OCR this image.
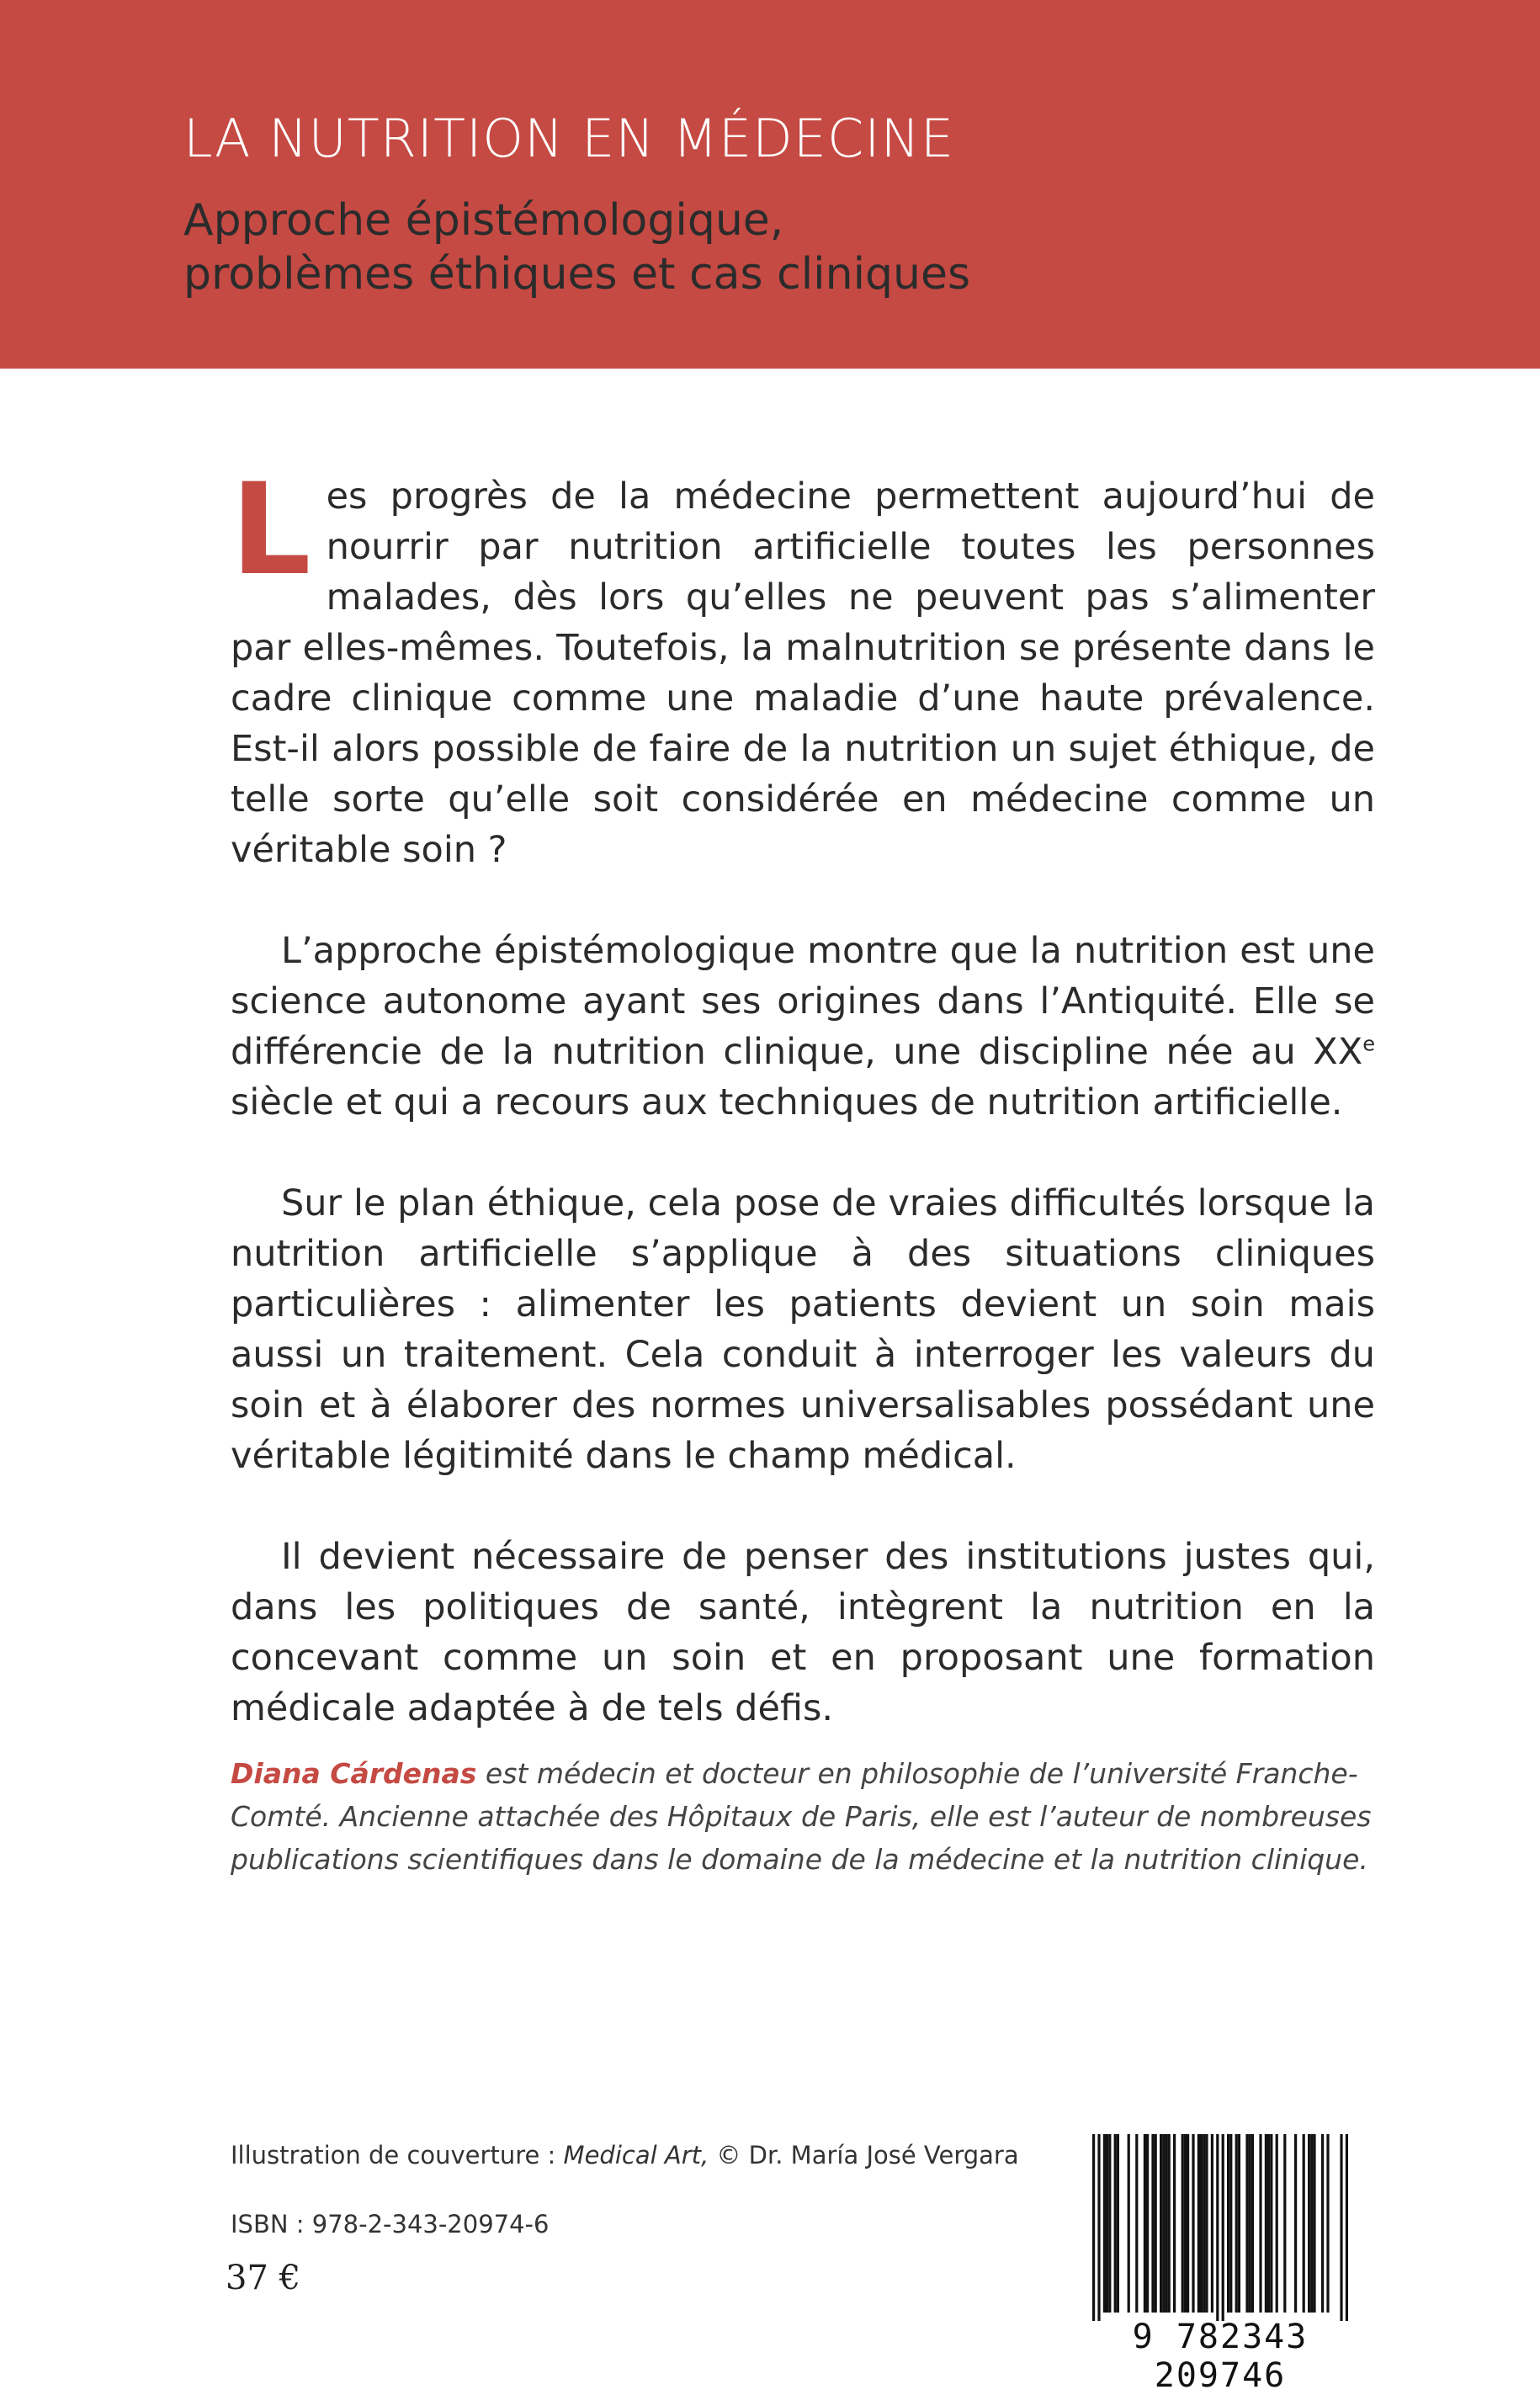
LA NUTRITION EN MÉDECINE
Approche épistémologique,
problèmes éthiques et cas cliniques

Les progrès de la médecine permettent aujourd’hui de nourrir par nutrition artificielle toutes les personnes malades, dès lors qu’elles ne peuvent pas s’alimenter par elles-mêmes. Toutefois, la malnutrition se présente dans le cadre clinique comme une maladie d’une haute prévalence. Est-il alors possible de faire de la nutrition un sujet éthique, de telle sorte qu’elle soit considérée en médecine comme un véritable soin ?

L’approche épistémologique montre que la nutrition est une science autonome ayant ses origines dans l’Antiquité. Elle se différencie de la nutrition clinique, une discipline née au XXe siècle et qui a recours aux techniques de nutrition artificielle.

Sur le plan éthique, cela pose de vraies difficultés lorsque la nutrition artificielle s’applique à des situations cliniques particulières : alimenter les patients devient un soin mais aussi un traitement. Cela conduit à interroger les valeurs du soin et à élaborer des normes universalisables possédant une véritable légitimité dans le champ médical.

Il devient nécessaire de penser des institutions justes qui, dans les politiques de santé, intègrent la nutrition en la concevant comme un soin et en proposant une formation médicale adaptée à de tels défis.

Diana Cárdenas est médecin et docteur en philosophie de l’université Franche-Comté. Ancienne attachée des Hôpitaux de Paris, elle est l’auteur de nombreuses publications scientifiques dans le domaine de la médecine et la nutrition clinique.
Illustration de couverture : Medical Art, © Dr. María José Vergara
ISBN : 978-2-343-20974-6
37 €
9 782343 209746
